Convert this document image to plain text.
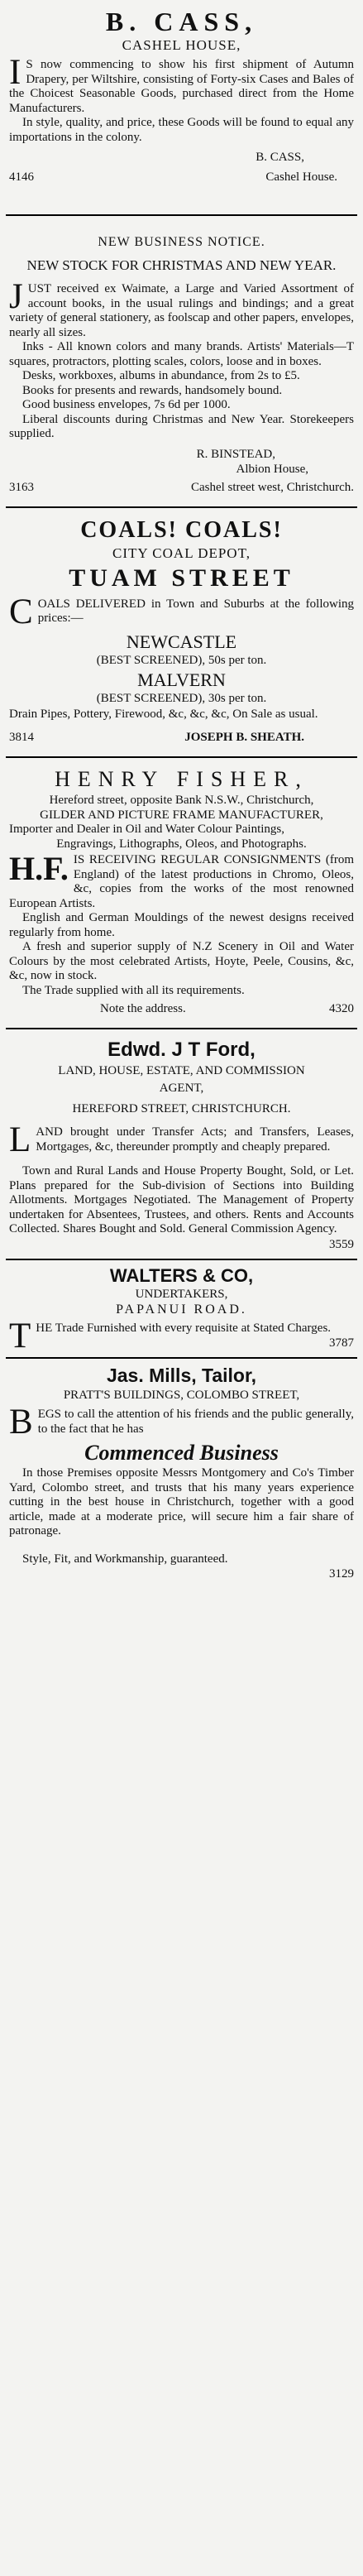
B. CASS,
CASHEL HOUSE,
I S now commencing to show his first shipment of Autumn Drapery, per Wiltshire, consisting of Forty-six Cases and Bales of the Choicest Seasonable Goods, purchased direct from the Home Manufacturers.

In style, quality, and price, these Goods will be found to equal any importations in the colony.

B. CASS,
4146	Cashel House.
NEW BUSINESS NOTICE.
NEW STOCK FOR CHRISTMAS AND NEW YEAR.
J UST received ex Waimate, a Large and Varied Assortment of account books, in the usual rulings and bindings; and a great variety of general stationery, as foolscap and other papers, envelopes, nearly all sizes.

Inks - All known colors and many brands. Artists' Materials—T squares, protractors, plotting scales, colors, loose and in boxes.

Desks, workboxes, albums in abundance, from 2s to £5.

Books for presents and rewards, handsomely bound.

Good business envelopes, 7s 6d per 1000.

Liberal discounts during Christmas and New Year. Storekeepers supplied.

R. BINSTEAD,
Albion House,
3163	Cashel street west, Christchurch.
COALS! COALS!
CITY COAL DEPOT,
TUAM STREET
C OALS DELIVERED in Town and Suburbs at the following prices:—

NEWCASTLE
(BEST SCREENED), 50s per ton.
MALVERN
(BEST SCREENED), 30s per ton.

Drain Pipes, Pottery, Firewood, &c, &c, &c, On Sale as usual.

3814	JOSEPH B. SHEATH.
HENRY FISHER,
Hereford street, opposite Bank N.S.W., Christchurch,
GILDER AND PICTURE FRAME MANUFACTURER,

Importer and Dealer in Oil and Water Colour Paintings,

Engravings, Lithographs, Oleos, and Photographs.

H.F. IS RECEIVING REGULAR CONSIGNMENTS (from England) of the latest productions in Chromo, Oleos, &c, copies from the works of the most renowned European Artists.

English and German Mouldings of the newest designs received regularly from home.

A fresh and superior supply of N.Z Scenery in Oil and Water Colours by the most celebrated Artists, Hoyte, Peele, Cousins, &c, &c, now in stock.

The Trade supplied with all its requirements.

Note the address.	4320
Edwd. J T Ford,
LAND, HOUSE, ESTATE, AND COMMISSION AGENT,
HEREFORD STREET, CHRISTCHURCH.
L AND brought under Transfer Acts; and Transfers, Leases, Mortgages, &c, thereunder promptly and cheaply prepared.

Town and Rural Lands and House Property Bought, Sold, or Let. Plans prepared for the Sub-division of Sections into Building Allotments. Mortgages Negotiated. The Management of Property undertaken for Absentees, Trustees, and others. Rents and Accounts Collected. Shares Bought and Sold. General Commission Agency.

3559
WALTERS & CO,
UNDERTAKERS,
PAPANUI ROAD.
T HE Trade Furnished with every requisite at Stated Charges.

3787
Jas. Mills, Tailor,
PRATT'S BUILDINGS, COLOMBO STREET,
B EGS to call the attention of his friends and the public generally, to the fact that he has

Commenced Business

In those Premises opposite Messrs Montgomery and Co's Timber Yard, Colombo street, and trusts that his many years experience cutting in the best house in Christchurch, together with a good article, made at a moderate price, will secure him a fair share of patronage.

Style, Fit, and Workmanship, guaranteed.

3129
